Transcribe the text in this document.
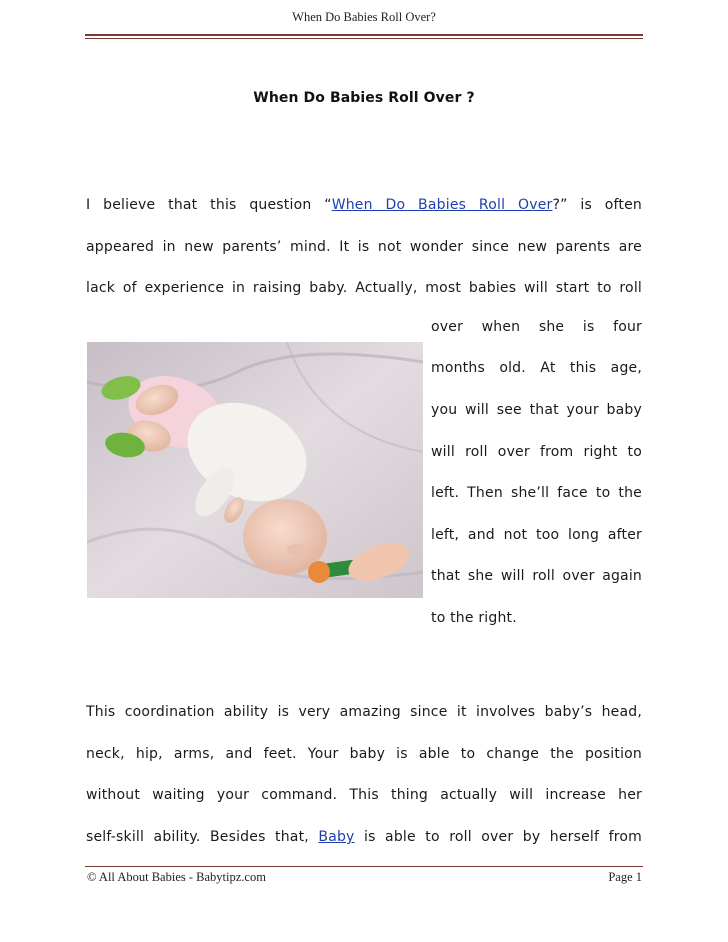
When Do Babies Roll Over?
When Do Babies Roll Over ?
I believe that this question “When Do Babies Roll Over?” is often
appeared in new parents’ mind. It is not wonder since new parents are
lack of experience in raising baby. Actually, most babies will start to roll
over when she is four
months old. At this age,
you will see that your baby
will roll over from right to
left. Then she’ll face to the
left, and not too long after
that she will roll over again
to the right.
This coordination ability is very amazing since it involves baby’s head,
neck, hip, arms, and feet. Your baby is able to change the position
without waiting your command. This thing actually will increase her
self-skill ability. Besides that, Baby is able to roll over by herself from
© All About Babies - Babytipz.com	Page 1
